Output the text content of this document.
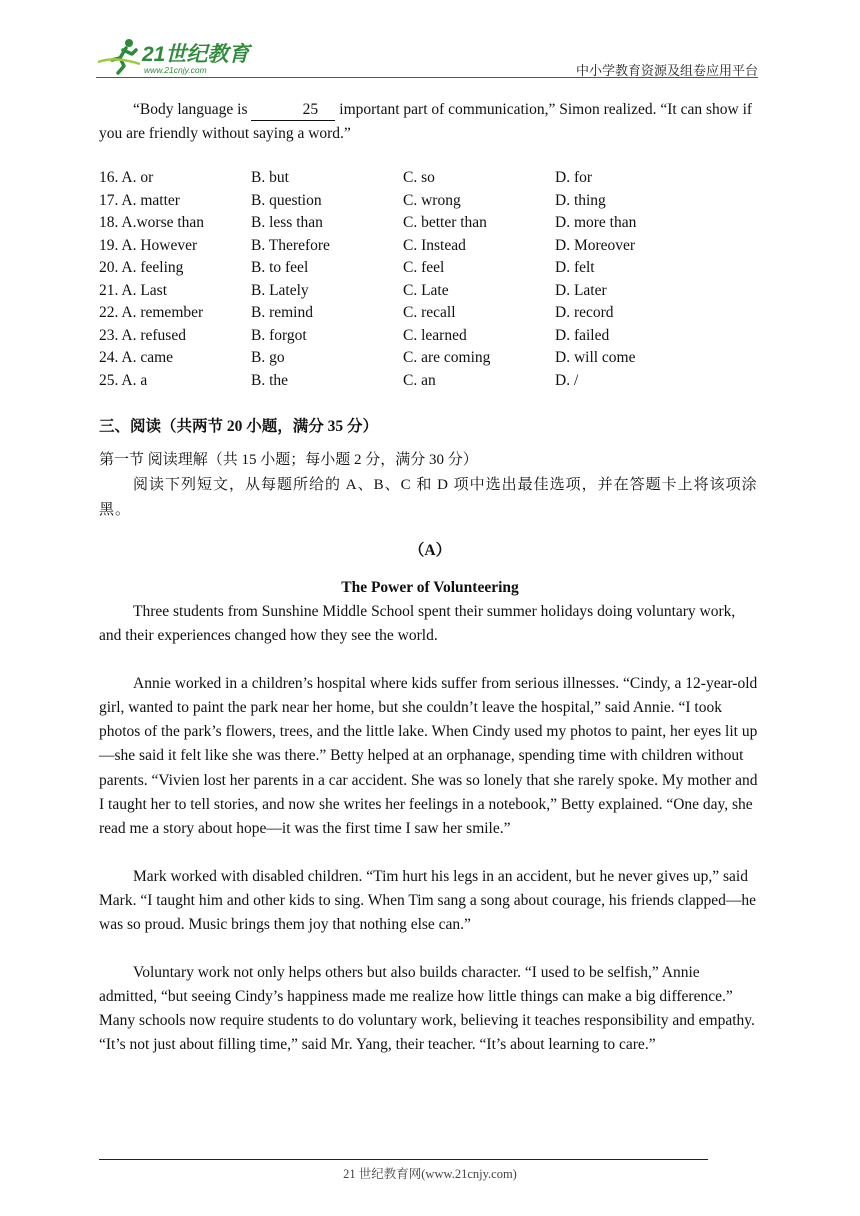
21世纪教育
www.21cnjy.com	中小学教育资源及组卷应用平台

“Body language is	25 important part of communication,” Simon realized. “It can show if you are friendly without saying a word.”

16. A. or	B. but	C. so	D. for
17. A. matter	B. question	C. wrong	D. thing
18. A.worse than	B. less than	C. better than	D. more than
19. A. However	B. Therefore	C. Instead	D. Moreover
20. A. feeling	B. to feel	C. feel	D. felt
21. A. Last	B. Lately	C. Late	D. Later
22. A. remember	B. remind	C. recall	D. record
23. A. refused	B. forgot	C. learned	D. failed
24. A. came	B. go	C. are coming	D. will come
25. A. a	B. the	C. an	D. /

三、阅读（共两节 20 小题，满分 35 分）

第一节 阅读理解（共 15 小题；每小题 2 分，满分 30 分）

阅读下列短文，从每题所给的 A、B、C 和 D 项中选出最佳选项，并在答题卡上将该项涂黑。

（A）

The Power of Volunteering

Three students from Sunshine Middle School spent their summer holidays doing voluntary work, and their experiences changed how they see the world.

Annie worked in a children’s hospital where kids suffer from serious illnesses. “Cindy, a 12-year-old girl, wanted to paint the park near her home, but she couldn’t leave the hospital,” said Annie. “I took photos of the park’s flowers, trees, and the little lake. When Cindy used my photos to paint, her eyes lit up—she said it felt like she was there.” Betty helped at an orphanage, spending time with children without parents. “Vivien lost her parents in a car accident. She was so lonely that she rarely spoke. My mother and I taught her to tell stories, and now she writes her feelings in a notebook,” Betty explained. “One day, she read me a story about hope—it was the first time I saw her smile.”

Mark worked with disabled children. “Tim hurt his legs in an accident, but he never gives up,” said Mark. “I taught him and other kids to sing. When Tim sang a song about courage, his friends clapped—he was so proud. Music brings them joy that nothing else can.”

Voluntary work not only helps others but also builds character. “I used to be selfish,” Annie admitted, “but seeing Cindy’s happiness made me realize how little things can make a big difference.” Many schools now require students to do voluntary work, believing it teaches responsibility and empathy. “It’s not just about filling time,” said Mr. Yang, their teacher. “It’s about learning to care.”

21 世纪教育网(www.21cnjy.com)
